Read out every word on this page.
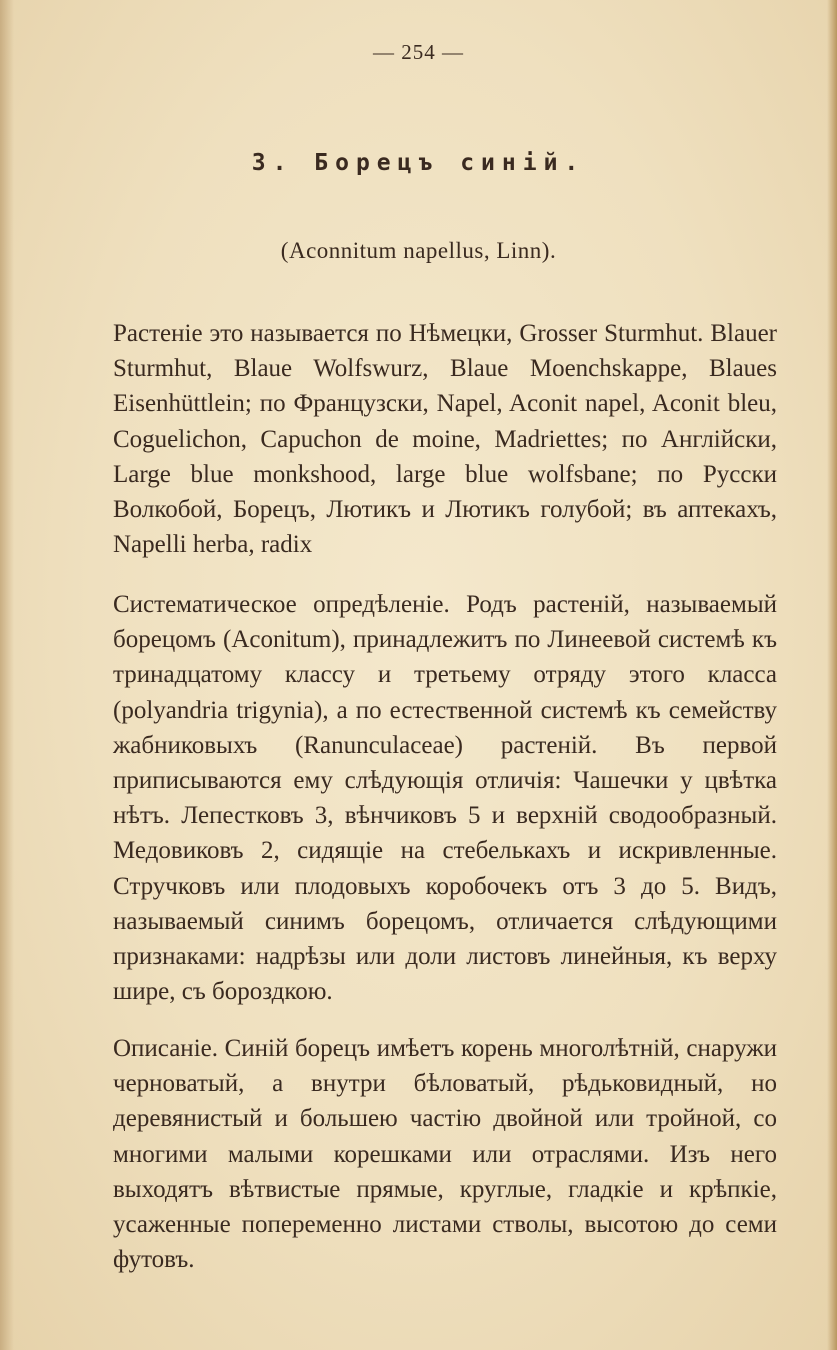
— 254 —
3. Борецъ синій.
(Aconnitum napellus, Linn).

Растеніе это называется по Нѣмецки, Grosser Sturmhut. Blauer Sturmhut, Blaue Wolfswurz, Blaue Moenchskappe, Blaues Eisenhüttlein; по Французски, Napel, Aconit napel, Aconit bleu, Coguelichon, Capuchon de moine, Madriettes; по Англійски, Large blue monkshood, large blue wolfsbane; по Русски Волкобой, Борецъ, Лютикъ и Лютикъ голубой; въ аптекахъ, Napelli herba, radix

Систематическое опредѣленіе. Родъ растеній, называемый борецомъ (Aconitum), принадлежитъ по Линеевой системѣ къ тринадцатому классу и третьему отряду этого класса (polyandria trigynia), а по естественной системѣ къ семейству жабниковыхъ (Ranunculaceae) растеній. Въ первой приписываются ему слѣдующія отличія: Чашечки у цвѣтка нѣтъ. Лепестковъ 3, вѣнчиковъ 5 и верхній сводообразный. Медовиковъ 2, сидящіе на стебелькахъ и искривленные. Стручковъ или плодовыхъ коробочекъ отъ 3 до 5. Видъ, называемый синимъ борецомъ, отличается слѣдующими признаками: надрѣзы или доли листовъ линейныя, къ верху шире, съ бороздкою.

Описаніе. Синій борецъ имѣетъ корень многолѣтній, снаружи черноватый, а внутри бѣловатый, рѣдьковидный, но деревянистый и большею частію двойной или тройной, со многими малыми корешками или отраслями. Изъ него выходятъ вѣтвистые прямые, круглые, гладкіе и крѣпкіе, усаженные попеременно листами стволы, высотою до семи футовъ.
